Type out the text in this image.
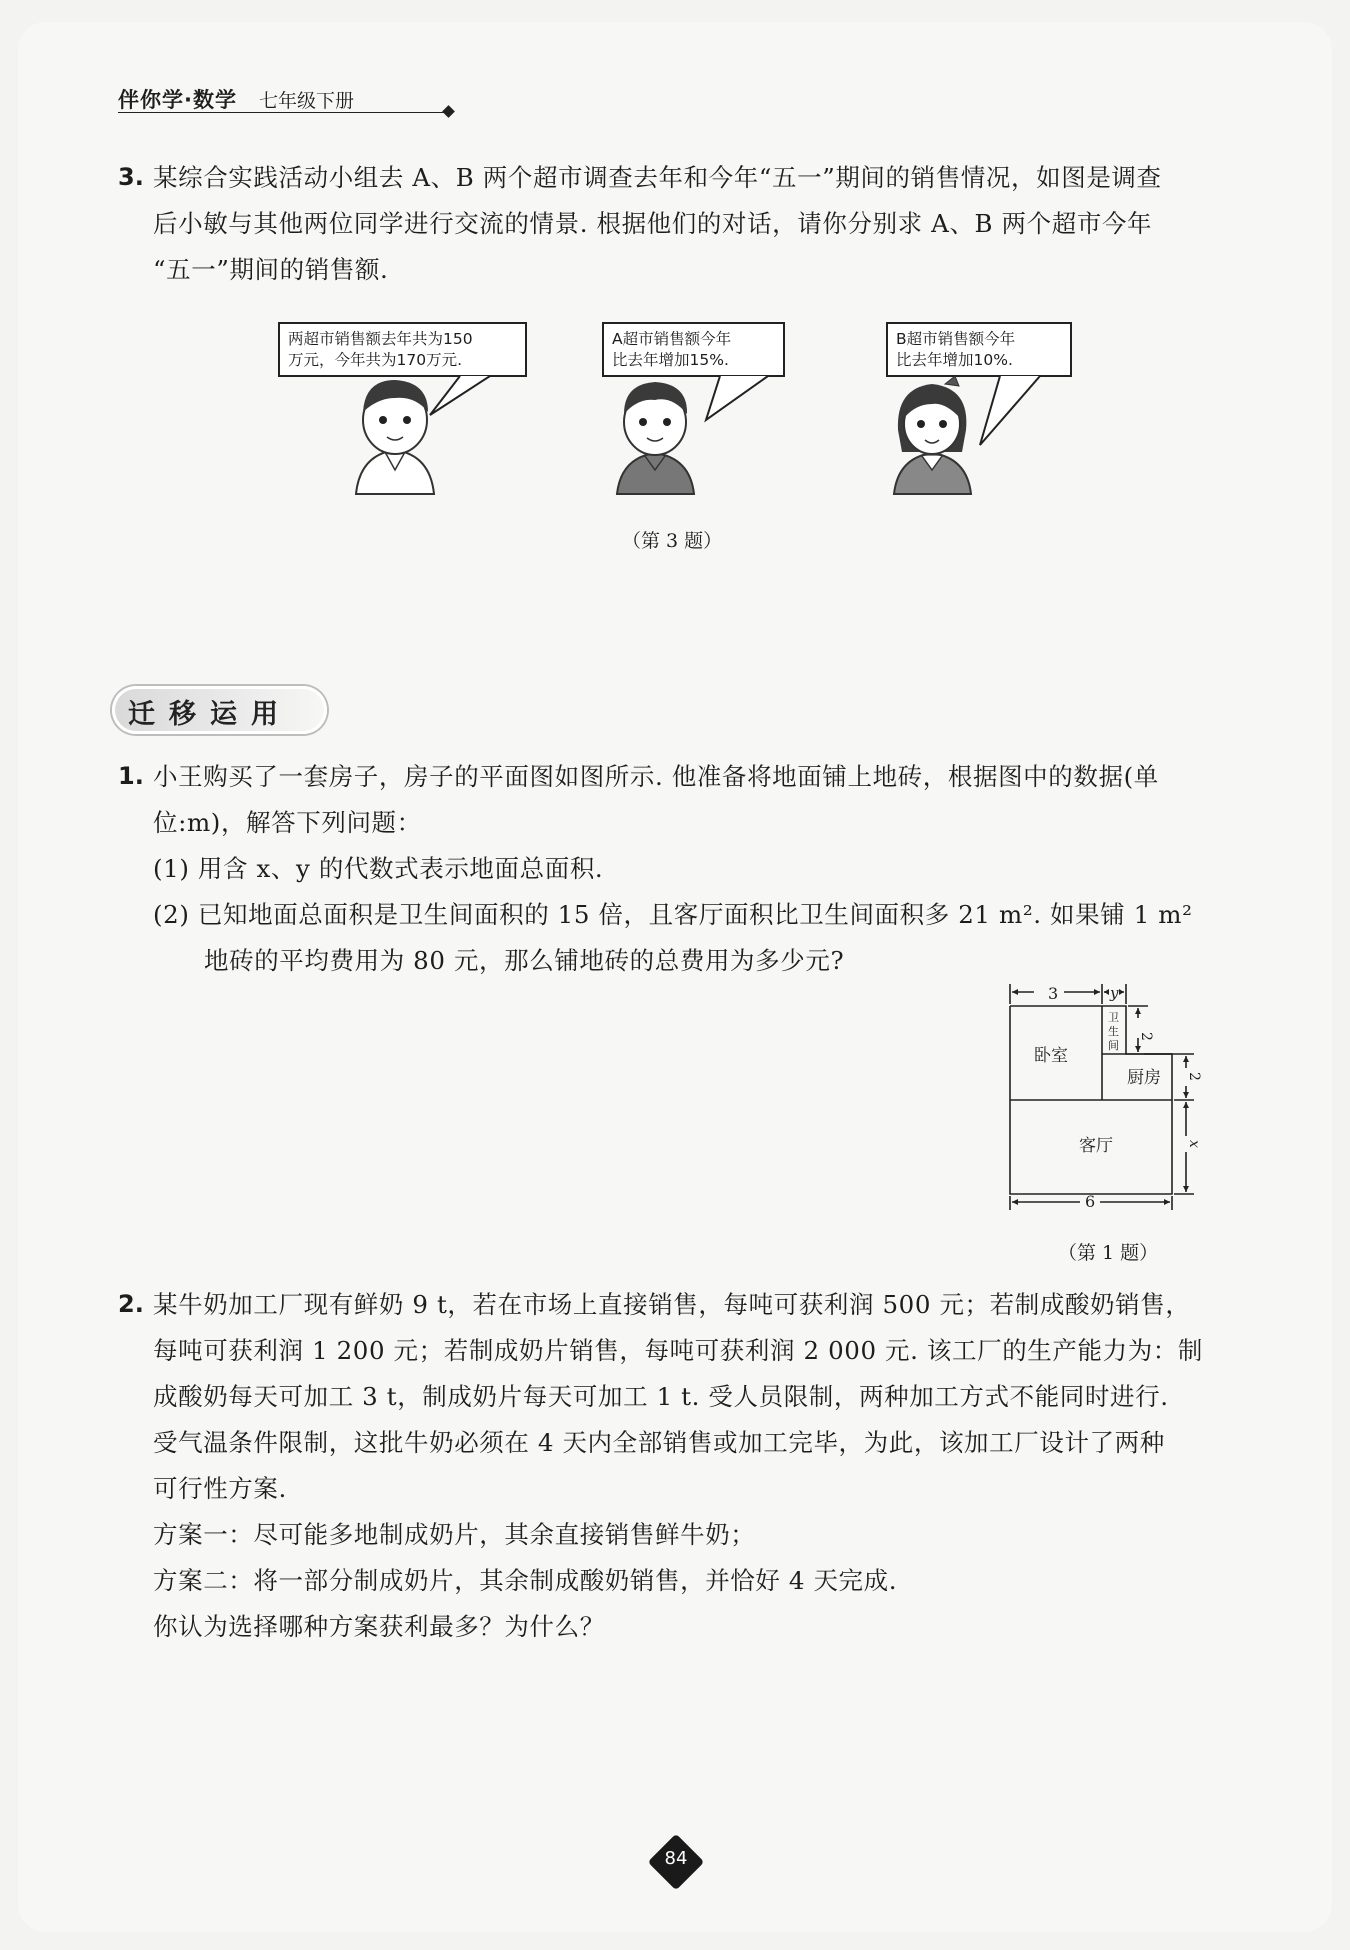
伴你学·数学 七年级下册
3. 某综合实践活动小组去 A、B 两个超市调查去年和今年“五一”期间的销售情况，如图是调查
后小敏与其他两位同学进行交流的情景. 根据他们的对话，请你分别求 A、B 两个超市今年
“五一”期间的销售额.
两超市销售额去年共为150
万元，今年共为170万元.
A超市销售额今年
比去年增加15%.
B超市销售额今年
比去年增加10%.
（第 3 题）
迁移运用
1. 小王购买了一套房子，房子的平面图如图所示. 他准备将地面铺上地砖，根据图中的数据(单
位:m)，解答下列问题：
(1) 用含 x、y 的代数式表示地面总面积.
(2) 已知地面总面积是卫生间面积的 15 倍，且客厅面积比卫生间面积多 21 m². 如果铺 1 m²
地砖的平均费用为 80 元，那么铺地砖的总费用为多少元?
3	y
2
2
x
6
卧室
卫
生
间
厨房
客厅
（第 1 题）
2. 某牛奶加工厂现有鲜奶 9 t，若在市场上直接销售，每吨可获利润 500 元；若制成酸奶销售，
每吨可获利润 1 200 元；若制成奶片销售，每吨可获利润 2 000 元. 该工厂的生产能力为：制
成酸奶每天可加工 3 t，制成奶片每天可加工 1 t. 受人员限制，两种加工方式不能同时进行.
受气温条件限制，这批牛奶必须在 4 天内全部销售或加工完毕，为此，该加工厂设计了两种
可行性方案.
方案一：尽可能多地制成奶片，其余直接销售鲜牛奶；
方案二：将一部分制成奶片，其余制成酸奶销售，并恰好 4 天完成.
你认为选择哪种方案获利最多？为什么？
84
